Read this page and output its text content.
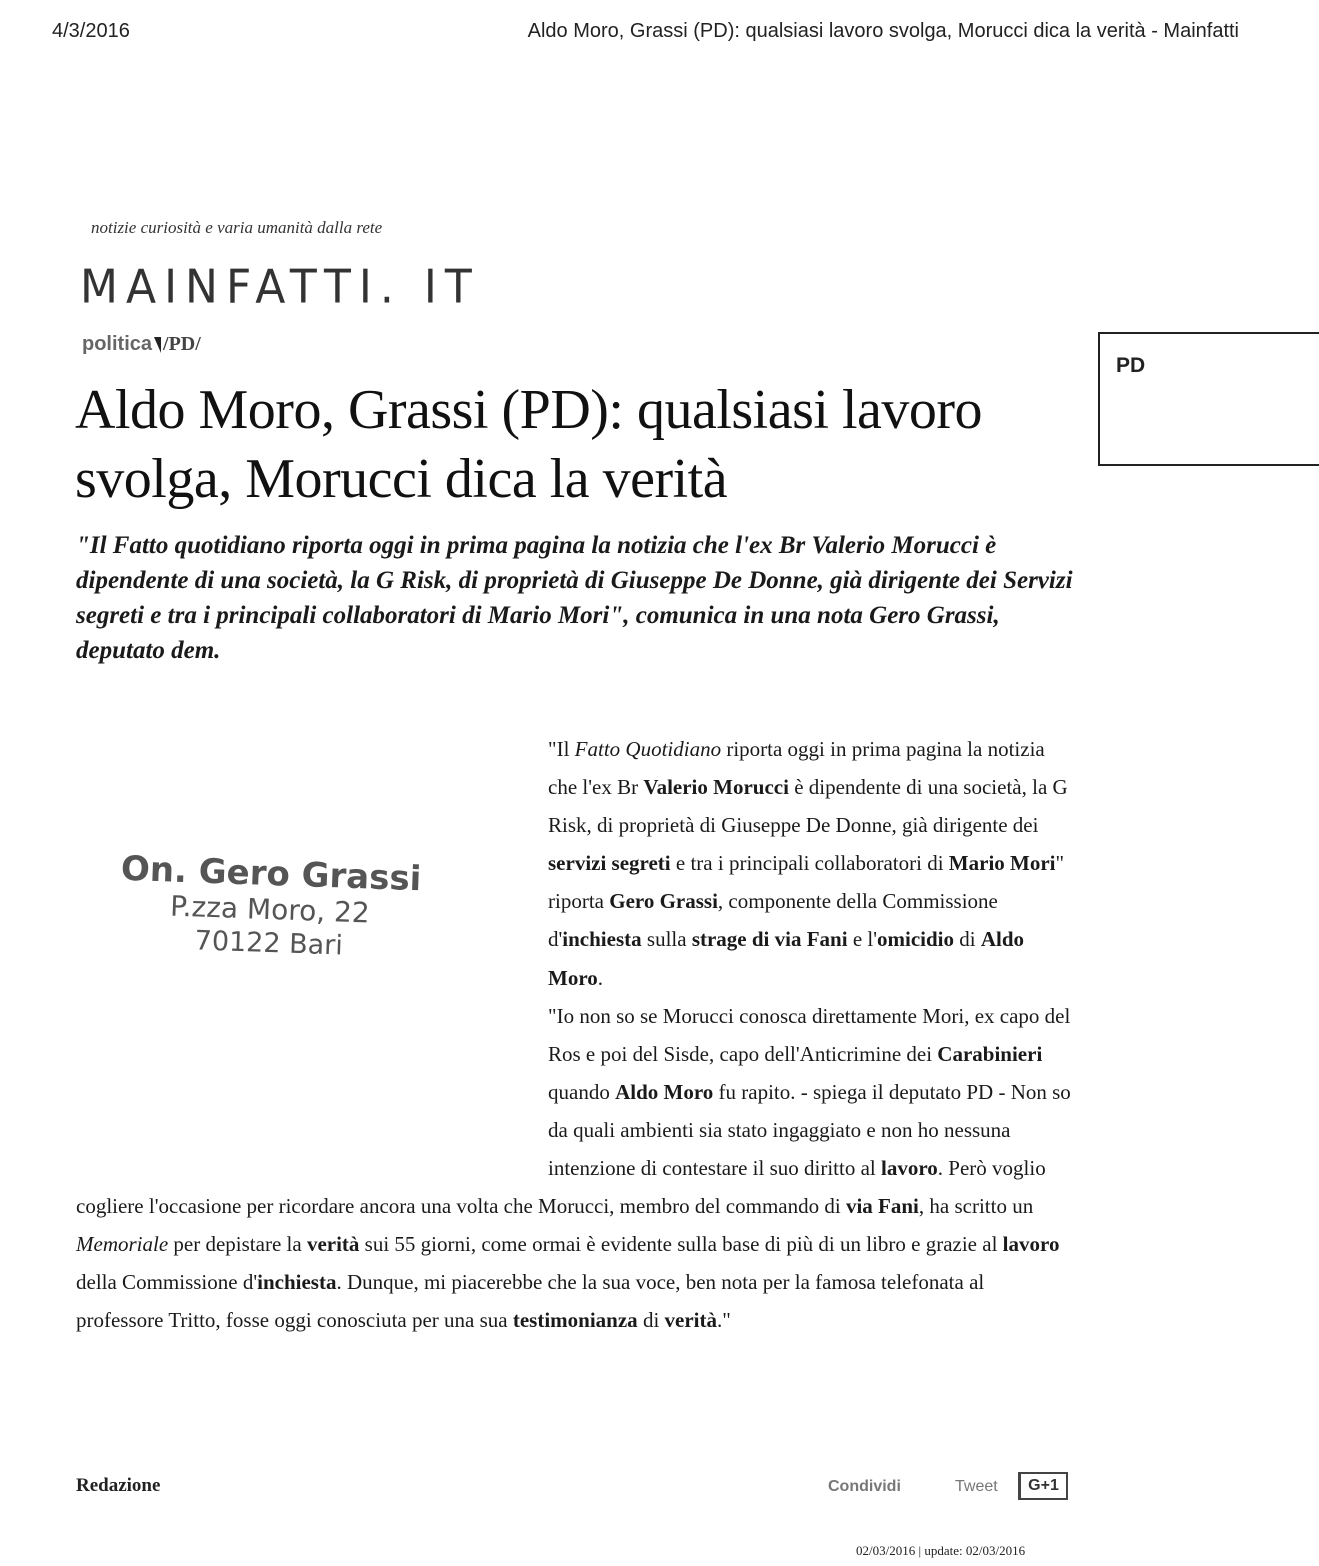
4/3/2016	Aldo Moro, Grassi (PD): qualsiasi lavoro svolga, Morucci dica la verità - Mainfatti
notizie curiosità e varia umanità dalla rete
MAINFATTI. IT
politica / PD/
PD
Aldo Moro, Grassi (PD): qualsiasi lavoro svolga, Morucci dica la verità

"Il Fatto quotidiano riporta oggi in prima pagina la notizia che l'ex Br Valerio Morucci è dipendente di una società, la G Risk, di proprietà di Giuseppe De Donne, già dirigente dei Servizi segreti e tra i principali collaboratori di Mario Mori", comunica in una nota Gero Grassi, deputato dem.

On. Gero Grassi
P.zza Moro, 22
70122 Bari

"Il Fatto Quotidiano riporta oggi in prima pagina la notizia che l'ex Br Valerio Morucci è dipendente di una società, la G Risk, di proprietà di Giuseppe De Donne, già dirigente dei servizi segreti e tra i principali collaboratori di Mario Mori" riporta Gero Grassi, componente della Commissione d'inchiesta sulla strage di via Fani e l'omicidio di Aldo Moro.

"Io non so se Morucci conosca direttamente Mori, ex capo del Ros e poi del Sisde, capo dell'Anticrimine dei Carabinieri quando Aldo Moro fu rapito. - spiega il deputato PD - Non so da quali ambienti sia stato ingaggiato e non ho nessuna intenzione di contestare il suo diritto al lavoro. Però voglio cogliere l'occasione per ricordare ancora una volta che Morucci, membro del commando di via Fani, ha scritto un Memoriale per depistare la verità sui 55 giorni, come ormai è evidente sulla base di più di un libro e grazie al lavoro della Commissione d'inchiesta. Dunque, mi piacerebbe che la sua voce, ben nota per la famosa telefonata al professore Tritto, fosse oggi conosciuta per una sua testimonianza di verità."

Redazione	Condividi	Tweet	G+1
02/03/2016 | update: 02/03/2016
